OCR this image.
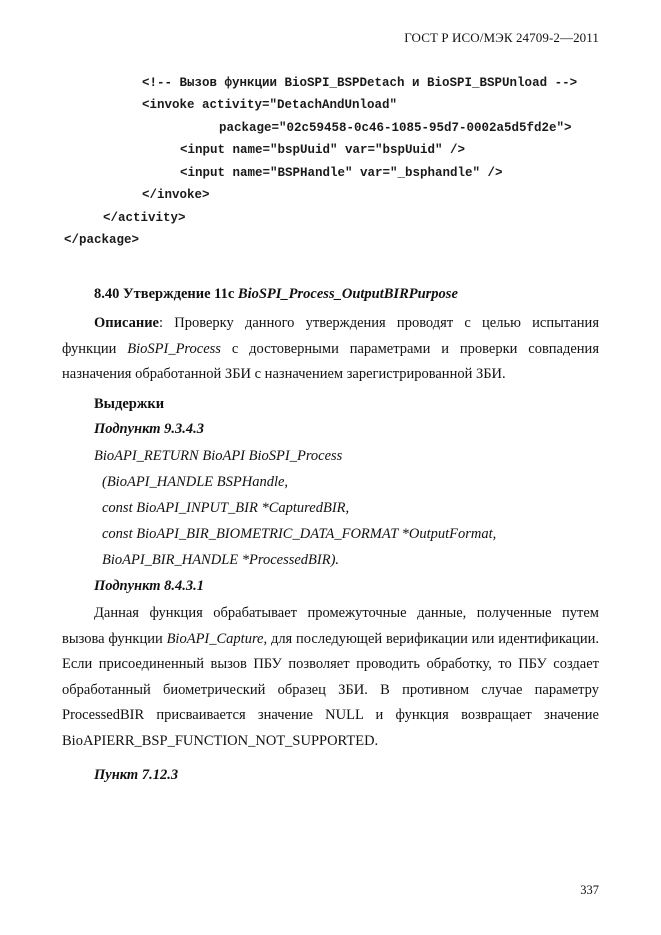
ГОСТ Р ИСО/МЭК 24709-2—2011
<!-- Вызов функции BioSPI_BSPDetach и BioSPI_BSPUnload -->
<invoke activity="DetachAndUnload"
package="02c59458-0c46-1085-95d7-0002a5d5fd2e">
<input name="bspUuid" var="bspUuid" />
<input name="BSPHandle" var="_bsphandle" />
</invoke>
</activity>
</package>
8.40 Утверждение 11с BioSPI_Process_OutputBIRPurpose
Описание: Проверку данного утверждения проводят с целью испытания функции BioSPI_Process с достоверными параметрами и проверки совпадения назначения обработанной ЗБИ с назначением зарегистрированной ЗБИ.
Выдержки
Подпункт 9.3.4.3
BioAPI_RETURN BioAPI BioSPI_Process
(BioAPI_HANDLE BSPHandle,
const BioAPI_INPUT_BIR *CapturedBIR,
const BioAPI_BIR_BIOMETRIC_DATA_FORMAT *OutputFormat,
BioAPI_BIR_HANDLE *ProcessedBIR).
Подпункт 8.4.3.1
Данная функция обрабатывает промежуточные данные, полученные путем вызова функции BioAPI_Capture, для последующей верификации или идентификации. Если присоединенный вызов ПБУ позволяет проводить обработку, то ПБУ создает обработанный биометрический образец ЗБИ. В противном случае параметру ProcessedBIR присваивается значение NULL и функция возвращает значение BioAPIERR_BSP_FUNCTION_NOT_SUPPORTED.
Пункт 7.12.3
337
